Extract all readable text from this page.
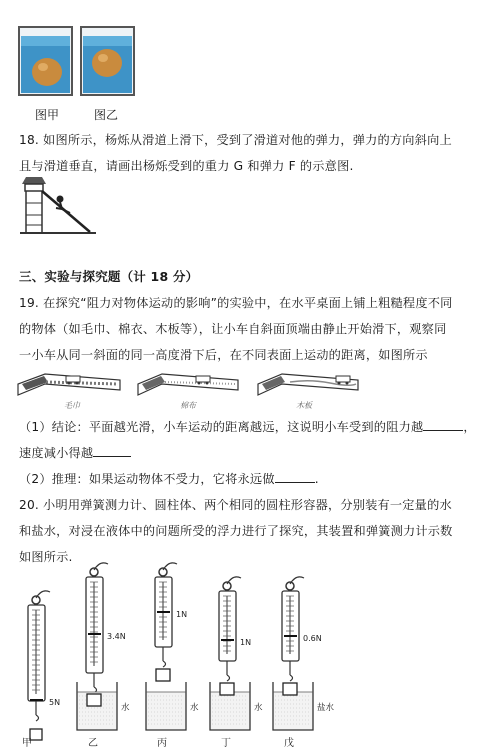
图甲	图乙
18. 如图所示，杨烁从滑道上滑下，受到了滑道对他的弹力，弹力的方向斜向上
且与滑道垂直，请画出杨烁受到的重力 G 和弹力 F 的示意图.
三、实验与探究题（计 18 分）
19. 在探究“阻力对物体运动的影响”的实验中，在水平桌面上铺上粗糙程度不同
的物体（如毛巾、棉衣、木板等），让小车自斜面顶端由静止开始滑下，观察同
一小车从同一斜面的同一高度滑下后，在不同表面上运动的距离，如图所示
毛巾	棉布	木板
（1）结论：平面越光滑，小车运动的距离越远，这说明小车受到的阻力越	，
速度减小得越
（2）推理：如果运动物体不受力，它将永远做	.
20. 小明用弹簧测力计、圆柱体、两个相同的圆柱形容器，分别装有一定量的水
和盐水，对浸在液体中的问题所受的浮力进行了探究，其装置和弹簧测力计示数
如图所示.
5N
甲
3.4N
水
乙
1N
水
丙
1N
水
丁
0.6N
盐水
戊
